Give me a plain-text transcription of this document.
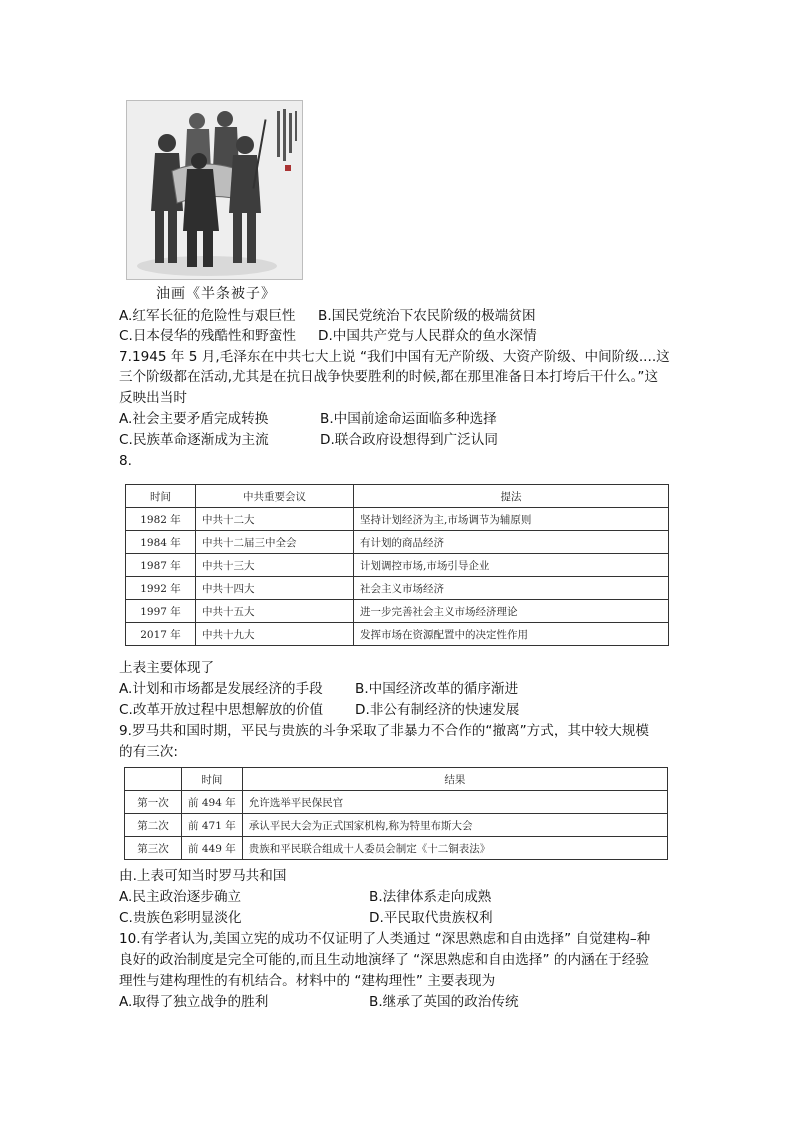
油画《半条被子》
A.红军长征的危险性与艰巨性 B.国民党统治下农民阶级的极端贫困
C.日本侵华的残酷性和野蛮性 D.中国共产党与人民群众的鱼水深情
7.1945 年 5 月,毛泽东在中共七大上说 “我们中国有无产阶级、大资产阶级、中间阶级....这
三个阶级都在活动,尤其是在抗日战争快要胜利的时候,都在那里准备日本打垮后干什么。”这
反映出当时
A.社会主要矛盾完成转换	B.中国前途命运面临多种选择
C.民族革命逐渐成为主流	D.联合政府设想得到广泛认同
8.
时间	中共重要会议	提法
1982 年	中共十二大	坚持计划经济为主,市场调节为辅原则
1984 年	中共十二届三中全会	有计划的商品经济
1987 年	中共十三大	计划调控市场,市场引导企业
1992 年	中共十四大	社会主义市场经济
1997 年	中共十五大	进一步完善社会主义市场经济理论
2017 年	中共十九大	发挥市场在资源配置中的决定性作用
上表主要体现了
A.计划和市场都是发展经济的手段 B.中国经济改革的循序渐进
C.改革开放过程中思想解放的价值 D.非公有制经济的快速发展
9.罗马共和国时期，平民与贵族的斗争采取了非暴力不合作的“撤离”方式，其中较大规模
的有三次:
	时间	结果
第一次	前 494 年	允许选举平民保民官
第二次	前 471 年	承认平民大会为正式国家机构,称为特里布斯大会
第三次	前 449 年	贵族和平民联合组成十人委员会制定《十二铜表法》
由.上表可知当时罗马共和国
A.民主政治逐步确立	B.法律体系走向成熟
C.贵族色彩明显淡化	D.平民取代贵族权利
10.有学者认为,美国立宪的成功不仅证明了人类通过 “深思熟虑和自由选择” 自觉建构–种
良好的政治制度是完全可能的,而且生动地演绎了 “深思熟虑和自由选择” 的内涵在于经验
理性与建构理性的有机结合。材料中的 “建构理性” 主要表现为
A.取得了独立战争的胜利	B.继承了英国的政治传统
